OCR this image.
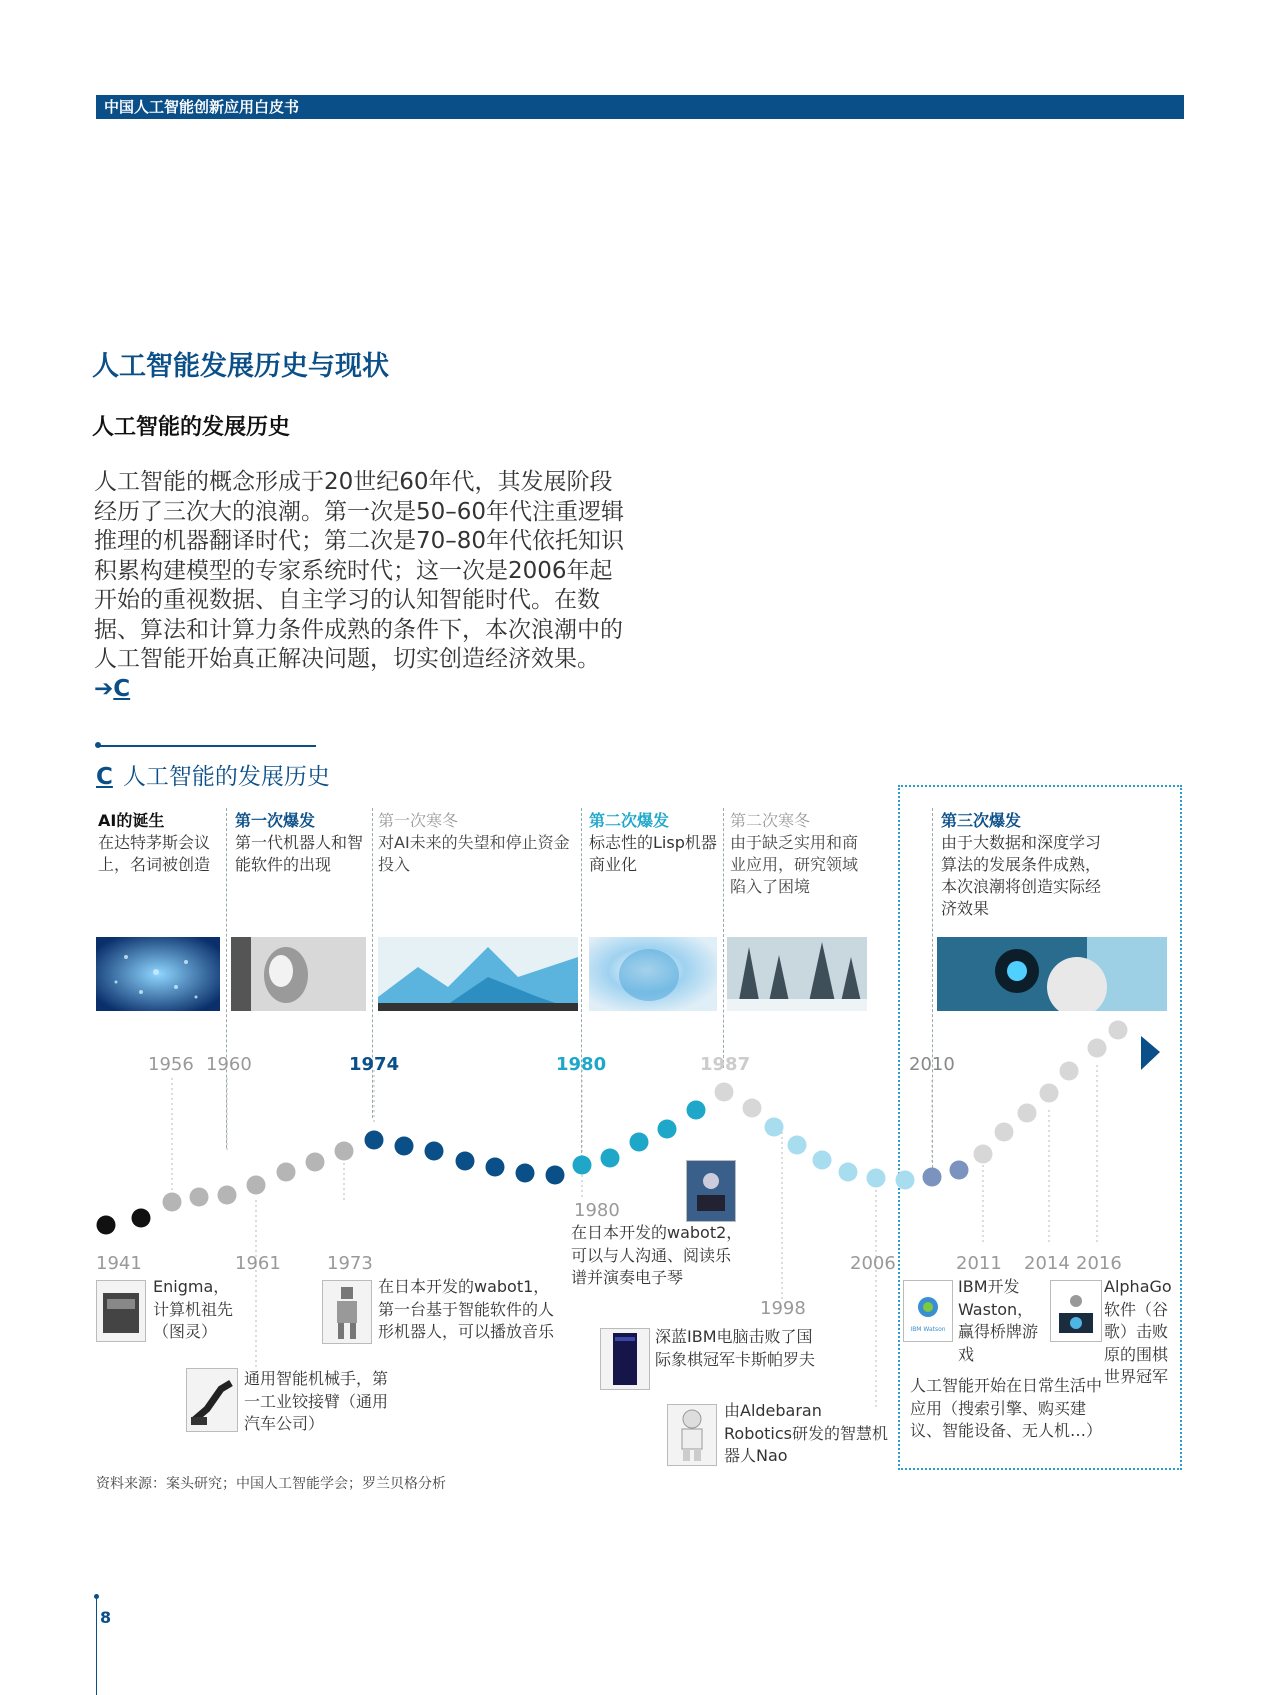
中国人工智能创新应用白皮书
人工智能发展历史与现状
人工智能的发展历史

人工智能的概念形成于20世纪60年代，其发展阶段经历了三次大的浪潮。第一次是50–60年代注重逻辑推理的机器翻译时代；第二次是70–80年代依托知识积累构建模型的专家系统时代；这一次是2006年起开始的重视数据、自主学习的认知智能时代。在数据、算法和计算力条件成熟的条件下，本次浪潮中的人工智能开始真正解决问题，切实创造经济效果。 ➔C

C 人工智能的发展历史
AI的诞生
在达特茅斯会议上，名词被创造
第一次爆发
第一代机器人和智能软件的出现
第一次寒冬
对AI未来的失望和停止资金投入
第二次爆发
标志性的Lisp机器商业化
第二次寒冬
由于缺乏实用和商业应用，研究领域陷入了困境
第三次爆发
由于大数据和深度学习算法的发展条件成熟，本次浪潮将创造实际经济效果
1956 1960	1974	1980	1987	2010
1941
Enigma，计算机祖先（图灵）
1961
通用智能机械手，第一工业铰接臂（通用汽车公司）
1973
在日本开发的wabot1，第一台基于智能软件的人形机器人，可以播放音乐
1980
在日本开发的wabot2，可以与人沟通、阅读乐谱并演奏电子琴
1998
深蓝IBM电脑击败了国际象棋冠军卡斯帕罗夫
2006
由Aldebaran Robotics研发的智慧机器人Nao
2011
IBM Watson
IBM开发Waston，赢得桥牌游戏
2014
人工智能开始在日常生活中应用（搜索引擎、购买建议、智能设备、无人机…）
2016
AlphaGo软件（谷歌）击败原的围棋世界冠军
资料来源：案头研究；中国人工智能学会；罗兰贝格分析
8
